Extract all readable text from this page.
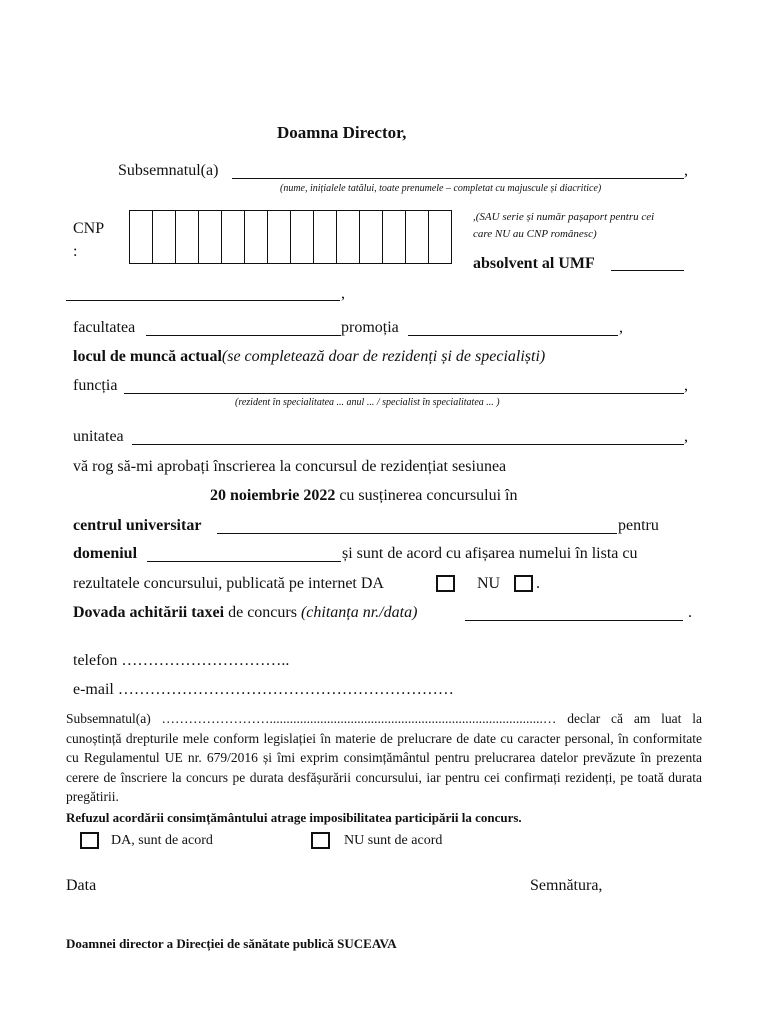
Doamna Director,
Subsemnatul(a)	,
(nume, inițialele tatălui, toate prenumele – completat cu majuscule și diacritice)
CNP
:
,(SAU serie și număr pașaport pentru cei
care NU au CNP românesc)
absolvent al UMF
,
facultatea	promoția	,
locul de muncă actual(se completează doar de rezidenți și de specialiști)
funcția	,
(rezident în specialitatea ... anul ... / specialist în specialitatea ... )
unitatea	,
vă rog să-mi aprobați înscrierea la concursul de rezidențiat sesiunea
20 noiembrie 2022 cu susținerea concursului în
centrul universitar	pentru
domeniul	și sunt de acord cu afișarea numelui în lista cu
rezultatele concursului, publicată pe internet DA	NU .
Dovada achitării taxei de concurs (chitanța nr./data)	.
telefon …………………………..
e-mail ………………………………………………………
Subsemnatul(a) …………………….................................................................................… declar că am luat la cunoștință drepturile mele conform legislației în materie de prelucrare de date cu caracter personal, în conformitate cu Regulamentul UE nr. 679/2016 și îmi exprim consimțământul pentru prelucrarea datelor prevăzute în prezenta cerere de înscriere la concurs pe durata desfășurării concursului, iar pentru cei confirmați rezidenți, pe toată durata pregătirii.
Refuzul acordării consimțământului atrage imposibilitatea participării la concurs.
DA, sunt de acord	NU sunt de acord
Data	Semnătura,
Doamnei director a Direcției de sănătate publică SUCEAVA
